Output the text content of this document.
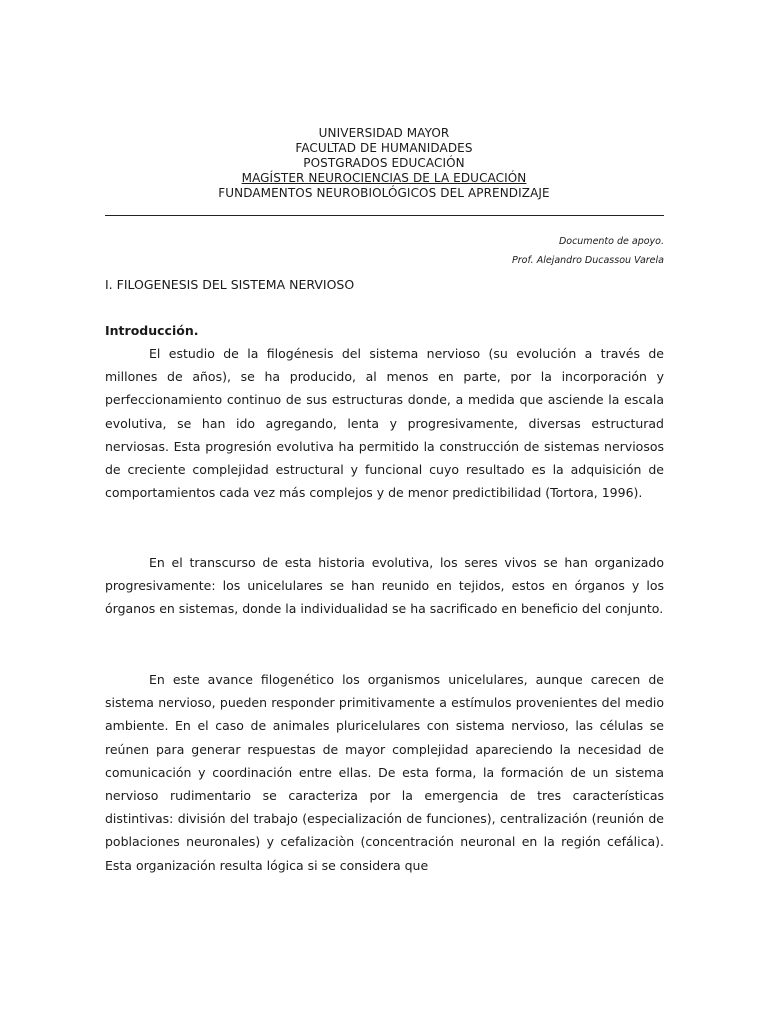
UNIVERSIDAD MAYOR
FACULTAD DE HUMANIDADES
POSTGRADOS EDUCACIÓN
MAGÍSTER NEUROCIENCIAS DE LA EDUCACIÓN
FUNDAMENTOS NEUROBIOLÓGICOS DEL APRENDIZAJE
Documento de apoyo.
Prof. Alejandro Ducassou Varela
I. FILOGENESIS DEL SISTEMA NERVIOSO
Introducción.

El estudio de la filogénesis del sistema nervioso (su evolución a través de millones de años), se ha producido, al menos en parte, por la incorporación y perfeccionamiento continuo de sus estructuras donde, a medida que asciende la escala evolutiva, se han ido agregando, lenta y progresivamente, diversas estructurad nerviosas. Esta progresión evolutiva ha permitido la construcción de sistemas nerviosos de creciente complejidad estructural y funcional cuyo resultado es la adquisición de comportamientos cada vez más complejos y de menor predictibilidad (Tortora, 1996).

En el transcurso de esta historia evolutiva, los seres vivos se han organizado progresivamente: los unicelulares se han reunido en tejidos, estos en órganos y los órganos en sistemas, donde la individualidad se ha sacrificado en beneficio del conjunto.

En este avance filogenético los organismos unicelulares, aunque carecen de sistema nervioso, pueden responder primitivamente a estímulos provenientes del medio ambiente. En el caso de animales pluricelulares con sistema nervioso, las células se reúnen para generar respuestas de mayor complejidad apareciendo la necesidad de comunicación y coordinación entre ellas. De esta forma, la formación de un sistema nervioso rudimentario se caracteriza por la emergencia de tres características distintivas: división del trabajo (especialización de funciones), centralización (reunión de poblaciones neuronales) y cefalizaciòn (concentración neuronal en la región cefálica). Esta organización resulta lógica si se considera que
